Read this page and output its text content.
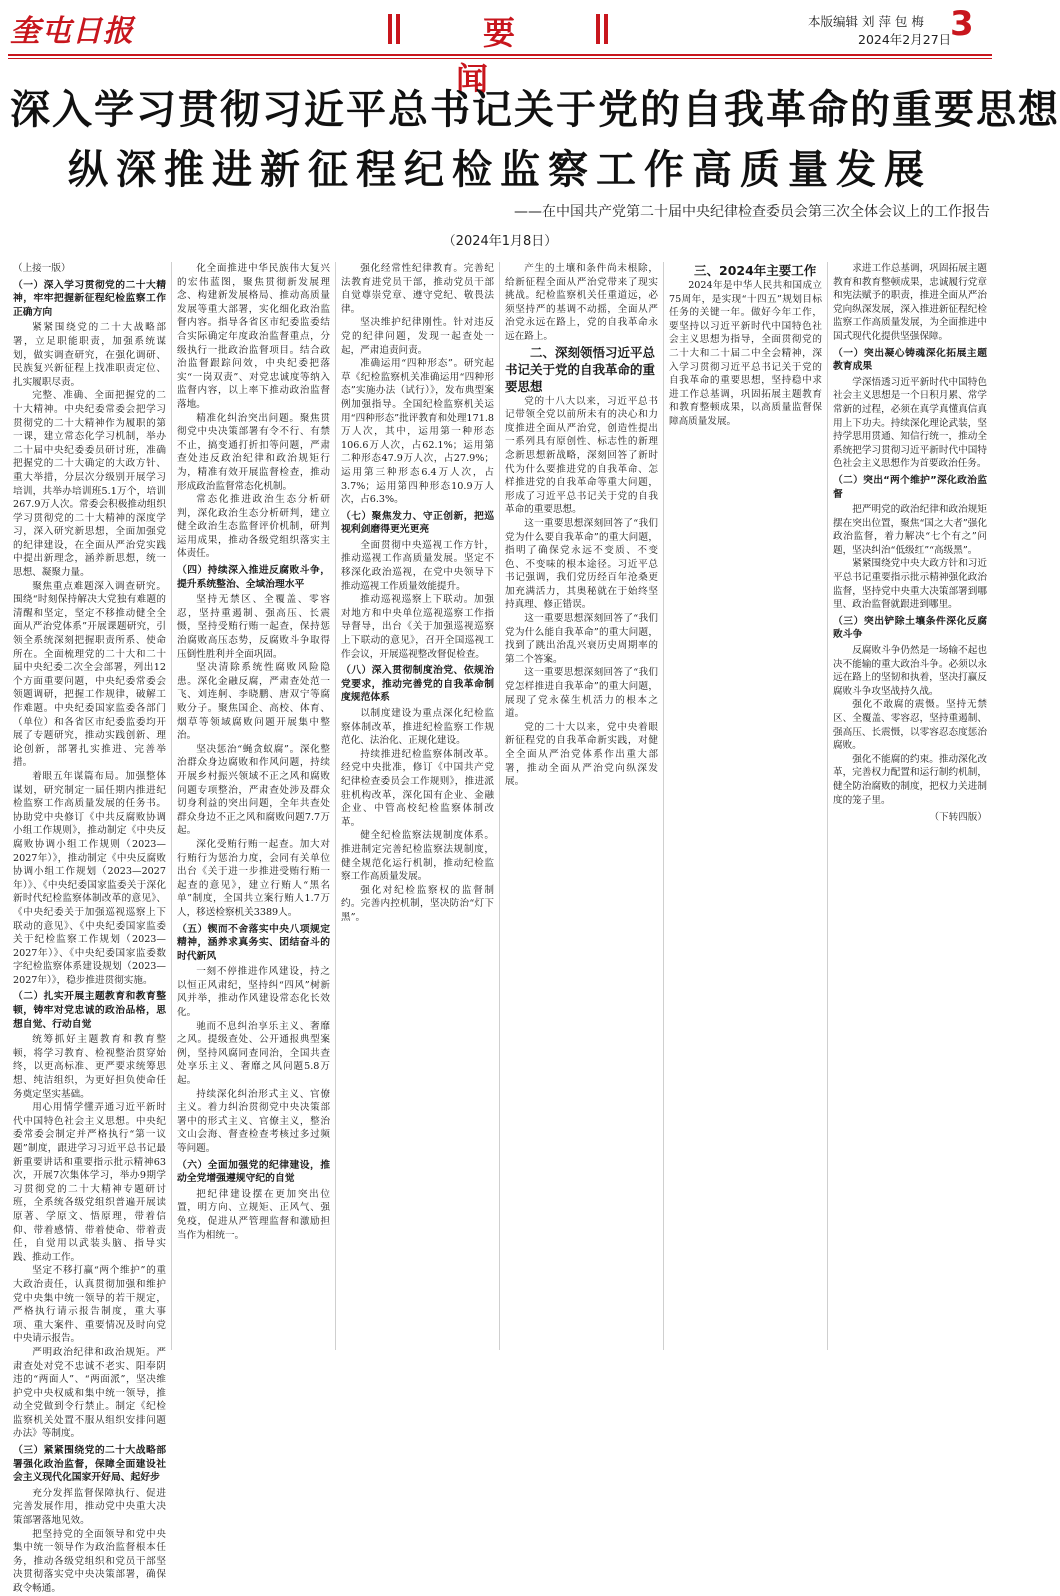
奎屯日报	要闻
本版编辑 刘 萍 包 梅
2024年2月27日
3
深入学习贯彻习近平总书记关于党的自我革命的重要思想
纵深推进新征程纪检监察工作高质量发展
——在中国共产党第二十届中央纪律检查委员会第三次全体会议上的工作报告
（2024年1月8日）

（上接一版）

（一）深入学习贯彻党的二十大精神，牢牢把握新征程纪检监察工作正确方向

紧紧围绕党的二十大战略部署，立足职能职责，加强系统谋划，做实调查研究，在强化调研、民族复兴新征程上找准职责定位、扎实履职尽责。

完整、准确、全面把握党的二十大精神。中央纪委常委会把学习贯彻党的二十大精神作为履职的第一课，建立常态化学习机制，举办二十届中央纪委委员研讨班，准确把握党的二十大确定的大政方针、重大举措，分层次分级别开展学习培训，共举办培训班5.1万个，培训267.9万人次。常委会积极推动组织学习贯彻党的二十大精神的深度学习，深入研究新思想，全面加强党的纪律建设，在全面从严治党实践中提出新理念，涵养新思想，统一思想、凝聚力量。

聚焦重点难题深入调查研究。围绕“时刻保持解决大党独有难题的清醒和坚定，坚定不移推动健全全面从严治党体系”开展课题研究，引领全系统深刻把握职责所系、使命所在。全面梳理党的二十大和二十届中央纪委二次全会部署，列出12个方面重要问题，中央纪委常委会领题调研，把握工作规律，破解工作难题。中央纪委国家监委各部门（单位）和各省区市纪委监委均开展了专题研究，推动实践创新、理论创新，部署扎实推进、完善举措。

着眼五年谋篇布局。加强整体谋划，研究制定一届任期内推进纪检监察工作高质量发展的任务书。协助党中央修订《中共反腐败协调小组工作规则》，推动制定《中央反腐败协调小组工作规则（2023—2027年）》，推动制定《中央反腐败协调小组工作规划（2023—2027年）》、《中央纪委国家监委关于深化新时代纪检监察体制改革的意见》、《中央纪委关于加强巡视巡察上下联动的意见》、《中央纪委国家监委关于纪检监察工作规划（2023—2027年）》、《中央纪委国家监委数字纪检监察体系建设规划（2023—2027年）》，稳步推进贯彻实施。

（二）扎实开展主题教育和教育整顿，铸牢对党忠诚的政治品格，思想自觉、行动自觉

统筹抓好主题教育和教育整顿，将学习教育、检视整治贯穿始终，以更高标准、更严要求统筹思想、纯洁组织，为更好担负使命任务奠定坚实基础。

用心用情学懂弄通习近平新时代中国特色社会主义思想。中央纪委常委会制定并严格执行“第一议题”制度，跟进学习习近平总书记最新重要讲话和重要指示批示精神63次，开展7次集体学习，举办9期学习贯彻党的二十大精神专题研讨班，全系统各级党组织普遍开展读原著、学原文、悟原理，带着信仰、带着感情、带着使命、带着责任，自觉用以武装头脑、指导实践、推动工作。

坚定不移打赢“两个维护”的重大政治责任，认真贯彻加强和维护党中央集中统一领导的若干规定，严格执行请示报告制度，重大事项、重大案件、重要情况及时向党中央请示报告。

严明政治纪律和政治规矩。严肃查处对党不忠诚不老实、阳奉阴违的“两面人”、“两面派”，坚决维护党中央权威和集中统一领导，推动全党做到令行禁止。制定《纪检监察机关处置不服从组织安排问题办法》等制度。

（三）紧紧围绕党的二十大战略部署强化政治监督，保障全面建设社会主义现代化国家开好局、起好步

充分发挥监督保障执行、促进完善发展作用，推动党中央重大决策部署落地见效。

把坚持党的全面领导和党中央集中统一领导作为政治监督根本任务，推动各级党组织和党员干部坚决贯彻落实党中央决策部署，确保政令畅通。

化全面推进中华民族伟大复兴的宏伟蓝图，聚焦贯彻新发展理念、构建新发展格局、推动高质量发展等重大部署，实化细化政治监督内容。指导各省区市纪委监委结合实际确定年度政治监督重点，分级执行一批政治监督项目。结合政治监督跟踪问效，中央纪委把落实“一岗双责”、对党忠诚度等纳入监督内容，以上率下推动政治监督落地。

精准化纠治突出问题。聚焦贯彻党中央决策部署有令不行、有禁不止，搞变通打折扣等问题，严肃查处违反政治纪律和政治规矩行为，精准有效开展监督检查，推动形成政治监督常态化机制。

常态化推进政治生态分析研判，深化政治生态分析研判，建立健全政治生态监督评价机制，研判运用成果，推动各级党组织落实主体责任。

（四）持续深入推进反腐败斗争，提升系统整治、全域治理水平

坚持无禁区、全覆盖、零容忍，坚持重遏制、强高压、长震慑，坚持受贿行贿一起查，保持惩治腐败高压态势，反腐败斗争取得压倒性胜利并全面巩固。

坚决清除系统性腐败风险隐患。深化金融反腐，严肃查处范一飞、刘连舸、李晓鹏、唐双宁等腐败分子。聚焦国企、高校、体育、烟草等领域腐败问题开展集中整治。

坚决惩治“蝇贪蚁腐”。深化整治群众身边腐败和作风问题，持续开展乡村振兴领域不正之风和腐败问题专项整治，严肃查处涉及群众切身利益的突出问题，全年共查处群众身边不正之风和腐败问题7.7万起。

深化受贿行贿一起查。加大对行贿行为惩治力度，会同有关单位出台《关于进一步推进受贿行贿一起查的意见》，建立行贿人“黑名单”制度，全国共立案行贿人1.7万人，移送检察机关3389人。

（五）锲而不舍落实中央八项规定精神，涵养求真务实、团结奋斗的时代新风

一刻不停推进作风建设，持之以恒正风肃纪，坚持纠“四风”树新风并举，推动作风建设常态化长效化。

驰而不息纠治享乐主义、奢靡之风。提级查处、公开通报典型案例，坚持风腐同查同治，全国共查处享乐主义、奢靡之风问题5.8万起。

持续深化纠治形式主义、官僚主义。着力纠治贯彻党中央决策部署中的形式主义、官僚主义，整治文山会海、督查检查考核过多过频等问题。

（六）全面加强党的纪律建设，推动全党增强遵规守纪的自觉

把纪律建设摆在更加突出位置，明方向、立规矩、正风气、强免疫，促进从严管理监督和激励担当作为相统一。

强化经常性纪律教育。完善纪法教育进党员干部，推动党员干部自觉尊崇党章、遵守党纪、敬畏法律。

坚决维护纪律刚性。针对违反党的纪律问题，发现一起查处一起，严肃追责问责。

准确运用“四种形态”。研究起草《纪检监察机关准确运用“四种形态”实施办法（试行）》，发布典型案例加强指导。全国纪检监察机关运用“四种形态”批评教育和处理171.8万人次，其中，运用第一种形态106.6万人次，占62.1%；运用第二种形态47.9万人次，占27.9%；运用第三种形态6.4万人次，占3.7%；运用第四种形态10.9万人次，占6.3%。

（七）聚焦发力、守正创新，把巡视利剑磨得更光更亮

全面贯彻中央巡视工作方针，推动巡视工作高质量发展。坚定不移深化政治巡视，在党中央领导下推动巡视工作质量效能提升。

推动巡视巡察上下联动。加强对地方和中央单位巡视巡察工作指导督导，出台《关于加强巡视巡察上下联动的意见》，召开全国巡视工作会议，开展巡视整改督促检查。

（八）深入贯彻制度治党、依规治党要求，推动完善党的自我革命制度规范体系

以制度建设为重点深化纪检监察体制改革，推进纪检监察工作规范化、法治化、正规化建设。

持续推进纪检监察体制改革。经党中央批准，修订《中国共产党纪律检查委员会工作规则》，推进派驻机构改革，深化国有企业、金融企业、中管高校纪检监察体制改革。

健全纪检监察法规制度体系。推进制定完善纪检监察法规制度，健全规范化运行机制，推动纪检监察工作高质量发展。

强化对纪检监察权的监督制约。完善内控机制，坚决防治“灯下黑”。

产生的土壤和条件尚未根除，给新征程全面从严治党带来了现实挑战。纪检监察机关任重道远，必须坚持严的基调不动摇，全面从严治党永远在路上，党的自我革命永远在路上。

二、深刻领悟习近平总书记关于党的自我革命的重要思想

党的十八大以来，习近平总书记带领全党以前所未有的决心和力度推进全面从严治党，创造性提出一系列具有原创性、标志性的新理念新思想新战略，深刻回答了新时代为什么要推进党的自我革命、怎样推进党的自我革命等重大问题，形成了习近平总书记关于党的自我革命的重要思想。

这一重要思想深刻回答了“我们党为什么要自我革命”的重大问题，指明了确保党永远不变质、不变色、不变味的根本途径。习近平总书记强调，我们党历经百年沧桑更加充满活力，其奥秘就在于始终坚持真理、修正错误。

这一重要思想深刻回答了“我们党为什么能自我革命”的重大问题，找到了跳出治乱兴衰历史周期率的第二个答案。

这一重要思想深刻回答了“我们党怎样推进自我革命”的重大问题，展现了党永葆生机活力的根本之道。

党的二十大以来，党中央着眼新征程党的自我革命新实践，对健全全面从严治党体系作出重大部署，推动全面从严治党向纵深发展。

三、2024年主要工作

2024年是中华人民共和国成立75周年，是实现“十四五”规划目标任务的关键一年。做好今年工作，要坚持以习近平新时代中国特色社会主义思想为指导，全面贯彻党的二十大和二十届二中全会精神，深入学习贯彻习近平总书记关于党的自我革命的重要思想，坚持稳中求进工作总基调，巩固拓展主题教育和教育整顿成果，以高质量监督保障高质量发展。

求进工作总基调，巩固拓展主题教育和教育整顿成果，忠诚履行党章和宪法赋予的职责，推进全面从严治党向纵深发展，深入推进新征程纪检监察工作高质量发展，为全面推进中国式现代化提供坚强保障。

（一）突出凝心铸魂深化拓展主题教育成果

学深悟透习近平新时代中国特色社会主义思想是一个日积月累、常学常新的过程，必须在真学真懂真信真用上下功夫。持续深化理论武装，坚持学思用贯通、知信行统一，推动全系统把学习贯彻习近平新时代中国特色社会主义思想作为首要政治任务。

（二）突出“两个维护”深化政治监督

把严明党的政治纪律和政治规矩摆在突出位置，聚焦“国之大者”强化政治监督，着力解决“七个有之”问题，坚决纠治“低级红”“高级黑”。

紧紧围绕党中央大政方针和习近平总书记重要指示批示精神强化政治监督，坚持党中央重大决策部署到哪里、政治监督就跟进到哪里。

（三）突出铲除土壤条件深化反腐败斗争

反腐败斗争仍然是一场输不起也决不能输的重大政治斗争。必须以永远在路上的坚韧和执着，坚决打赢反腐败斗争攻坚战持久战。

强化不敢腐的震慑。坚持无禁区、全覆盖、零容忍，坚持重遏制、强高压、长震慑，以零容忍态度惩治腐败。

强化不能腐的约束。推动深化改革，完善权力配置和运行制约机制，健全防治腐败的制度，把权力关进制度的笼子里。

（下转四版）
